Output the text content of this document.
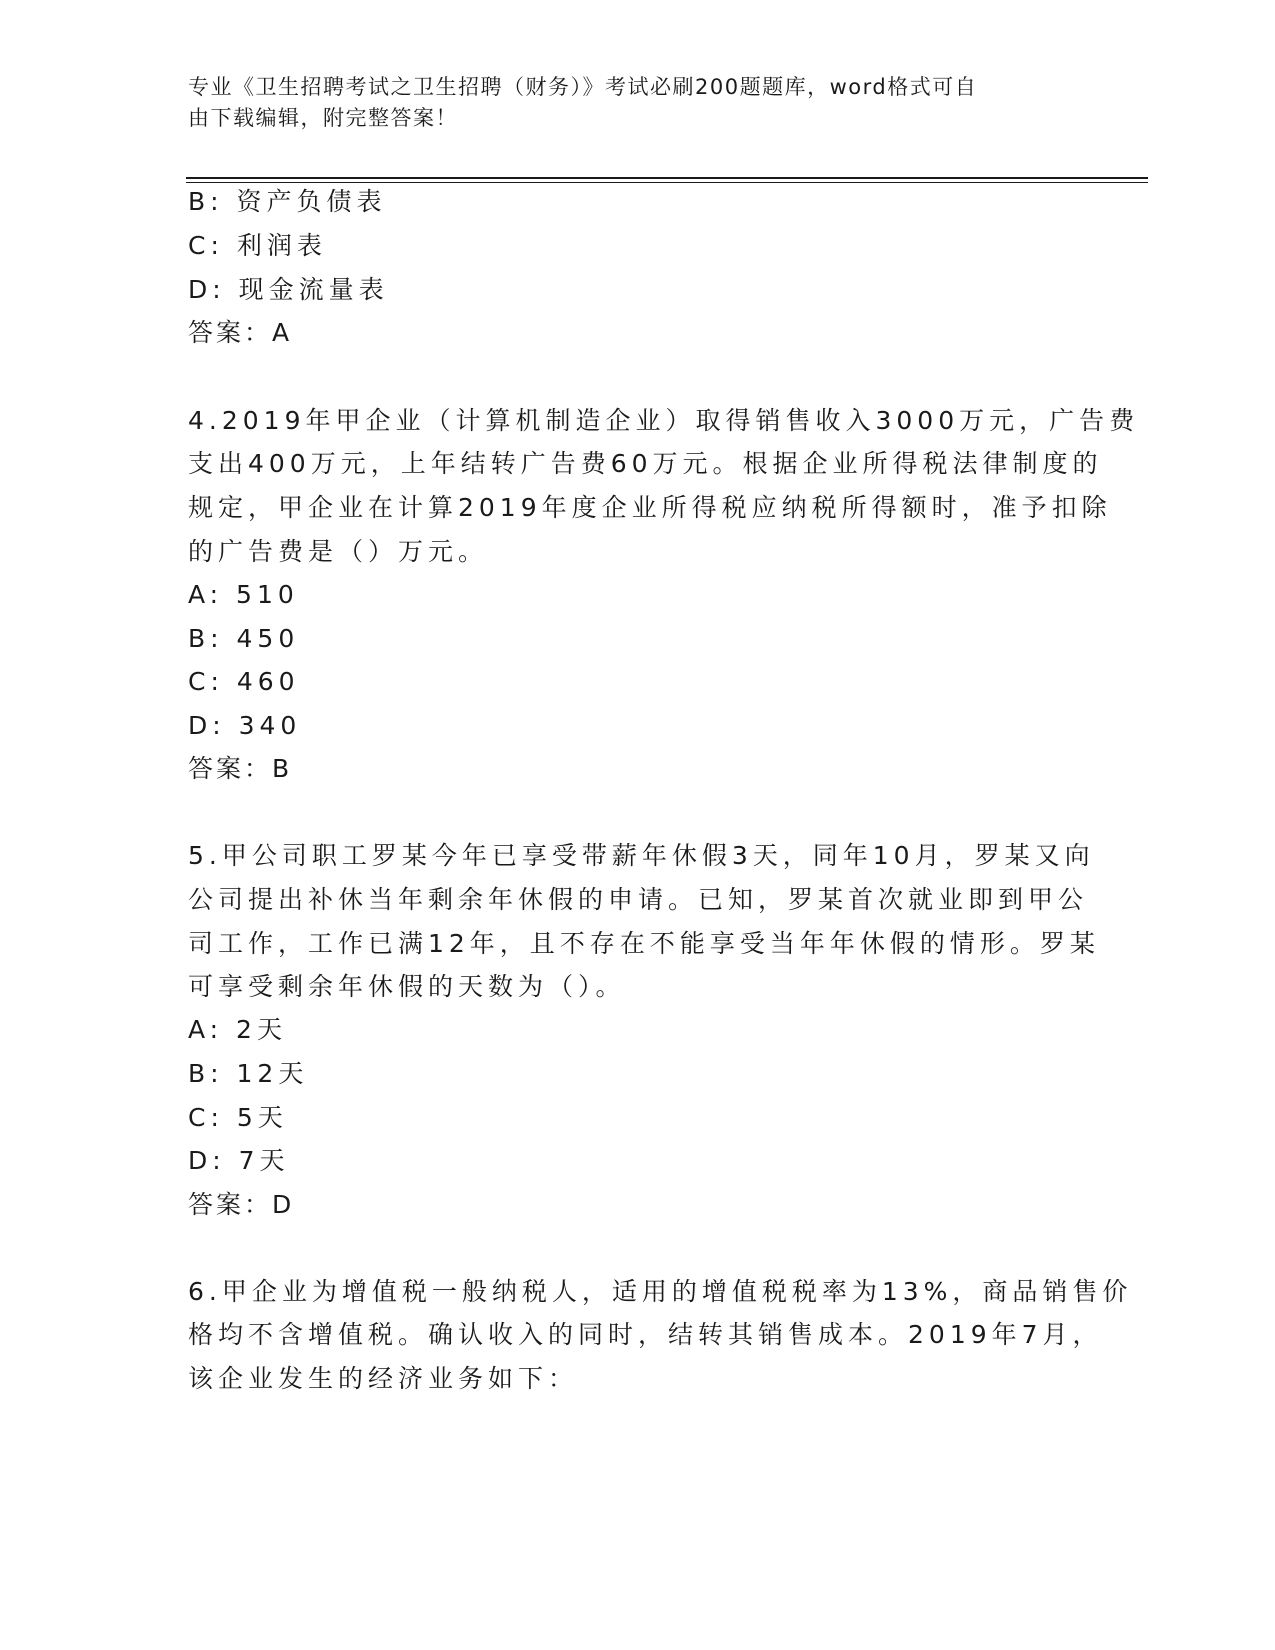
专业《卫生招聘考试之卫生招聘（财务）》考试必刷200题题库，word格式可自
由下载编辑，附完整答案！
B: 资产负债表
C: 利润表
D: 现金流量表
答案：A
4.2019年甲企业（计算机制造企业）取得销售收入3000万元，广告费
支出400万元，上年结转广告费60万元。根据企业所得税法律制度的
规定，甲企业在计算2019年度企业所得税应纳税所得额时，准予扣除
的广告费是（）万元。
A: 510
B: 450
C: 460
D: 340
答案：B
5.甲公司职工罗某今年已享受带薪年休假3天，同年10月，罗某又向
公司提出补休当年剩余年休假的申请。已知，罗某首次就业即到甲公
司工作，工作已满12年，且不存在不能享受当年年休假的情形。罗某
可享受剩余年休假的天数为（）。
A: 2天
B: 12天
C: 5天
D: 7天
答案：D
6.甲企业为增值税一般纳税人，适用的增值税税率为13%，商品销售价
格均不含增值税。确认收入的同时，结转其销售成本。2019年7月，
该企业发生的经济业务如下：
